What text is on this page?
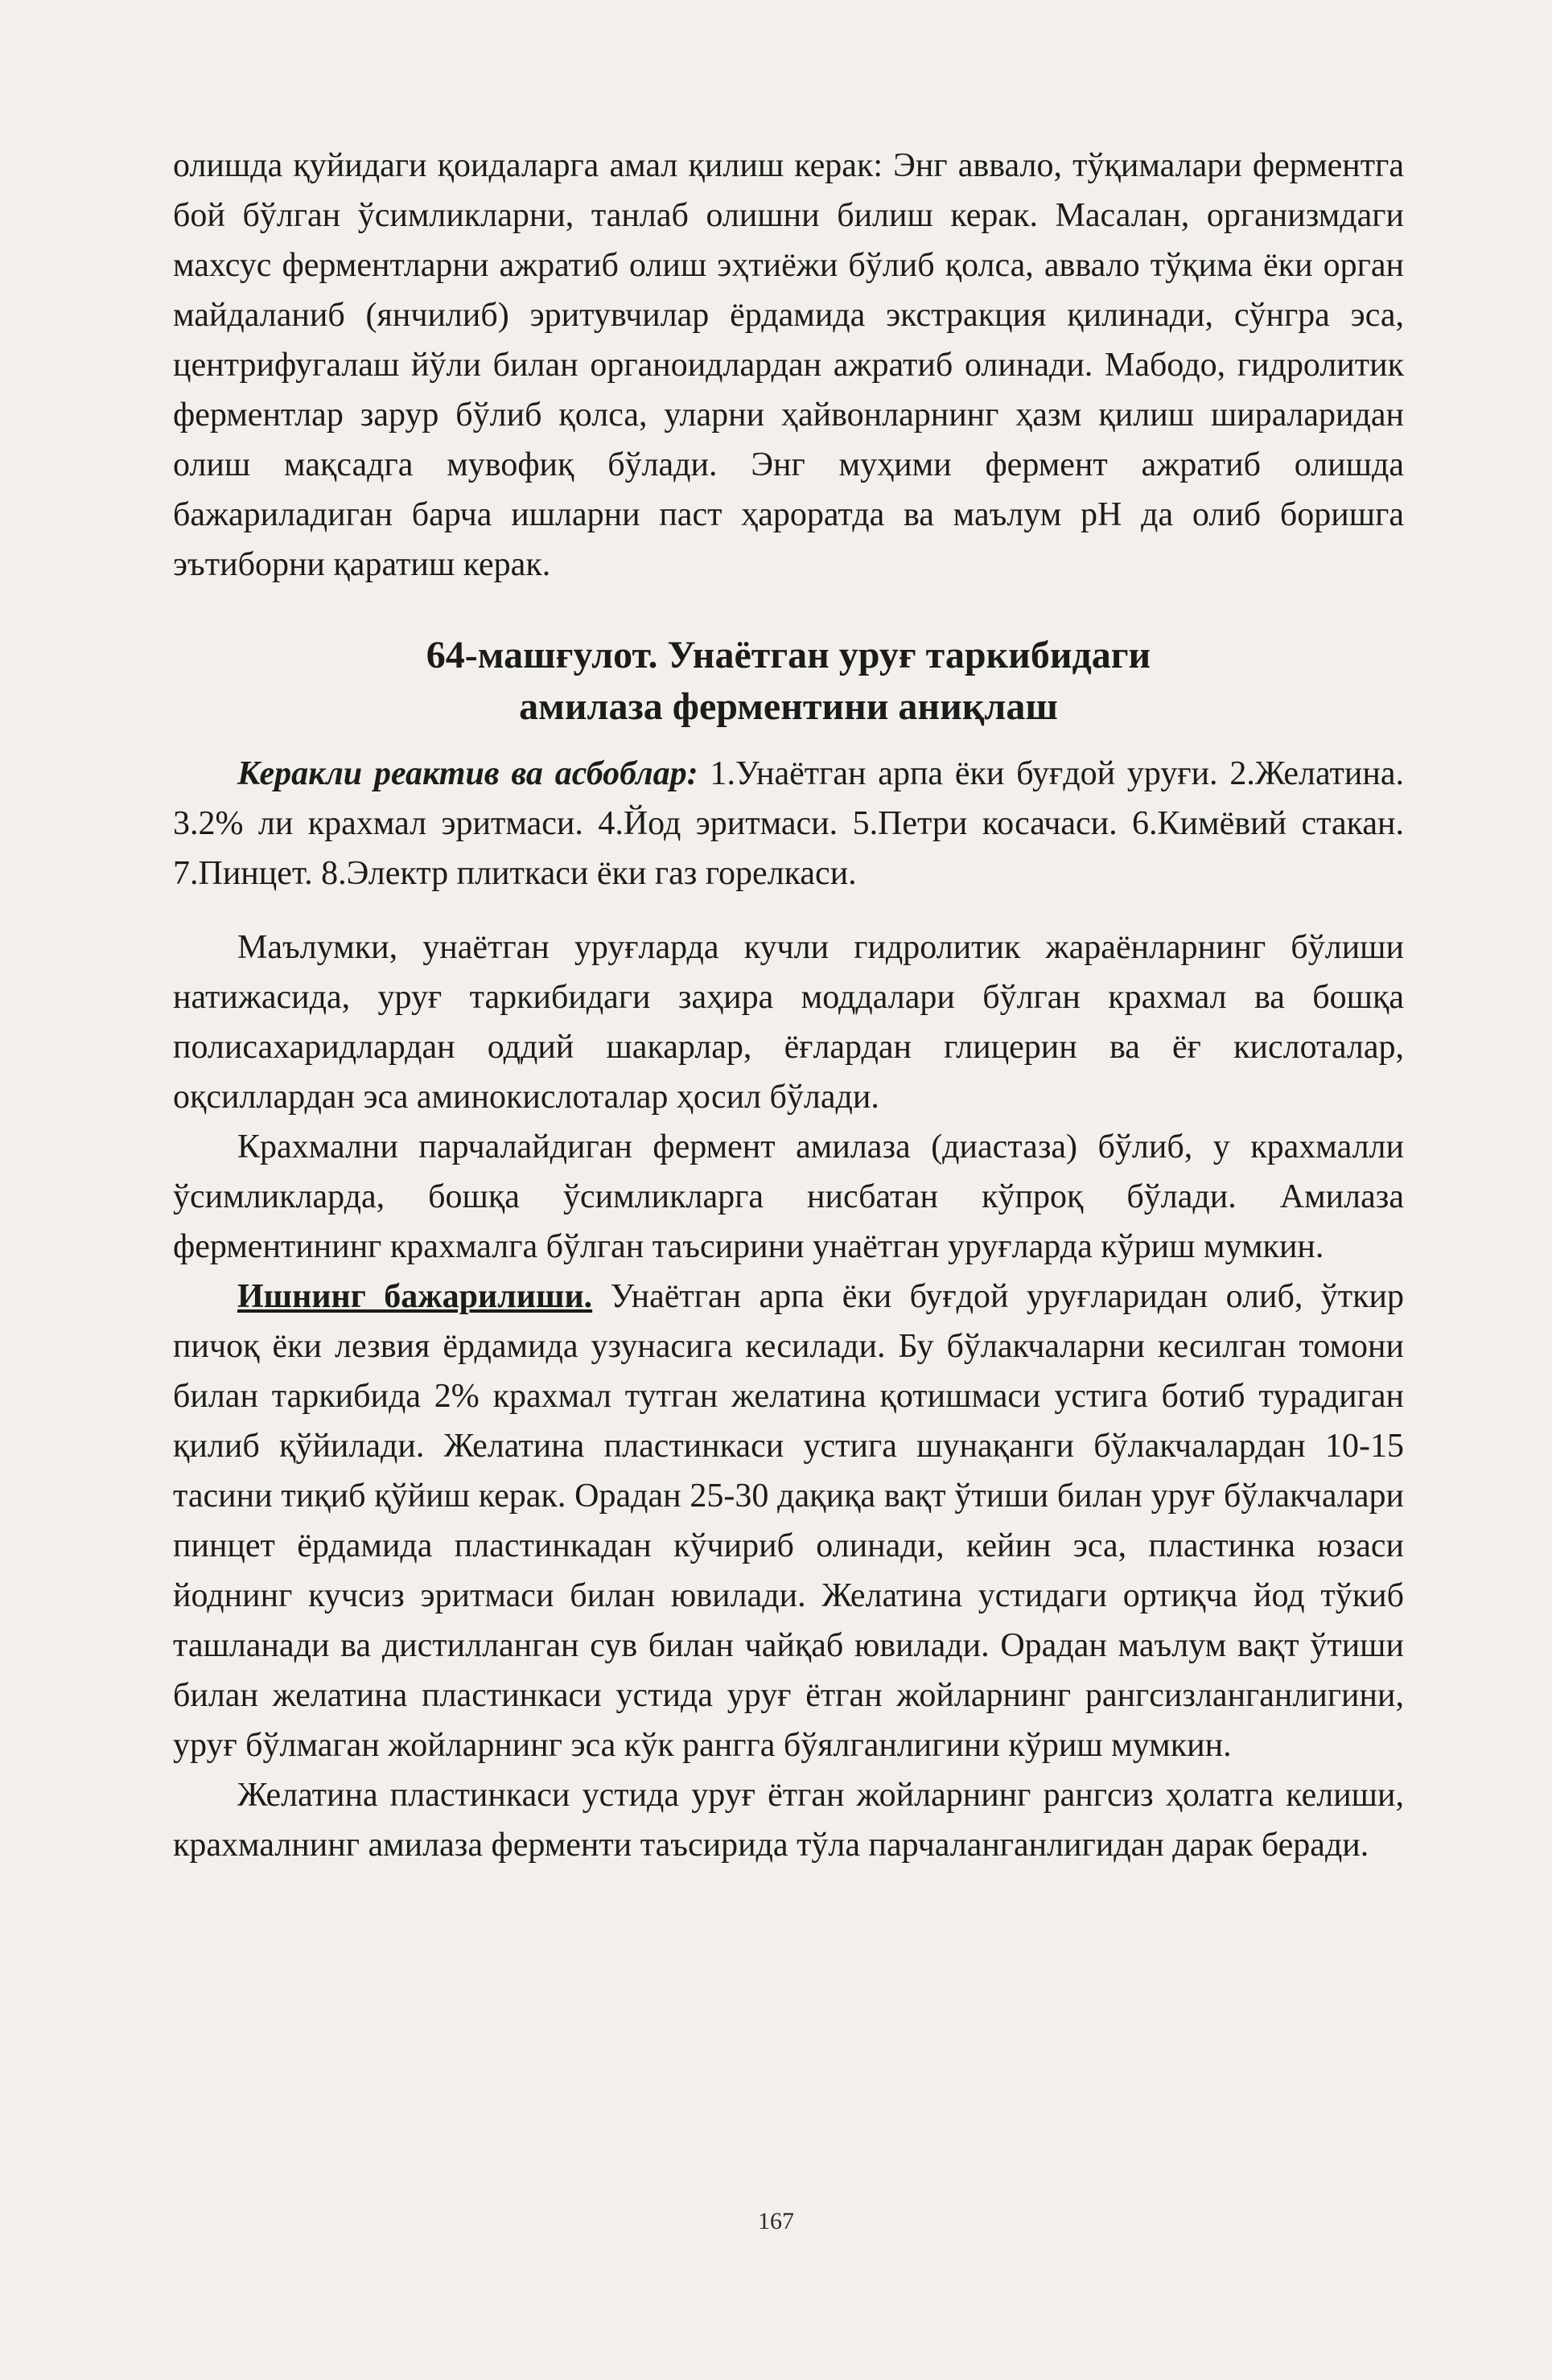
олишда қуйидаги қоидаларга амал қилиш керак: Энг аввало, тўқималари ферментга бой бўлган ўсимликларни, танлаб олишни билиш керак. Масалан, организмдаги махсус ферментларни ажратиб олиш эҳтиёжи бўлиб қолса, аввало тўқима ёки орган майдаланиб (янчилиб) эритувчилар ёрдамида экстракция қилинади, сўнгра эса, центрифугалаш йўли билан органоидлардан ажратиб олинади. Мабодо, гидролитик ферментлар зарур бўлиб қолса, уларни ҳайвонларнинг ҳазм қилиш ширaларидан олиш мақсадга мувофиқ бўлади. Энг муҳими фермент ажратиб олишда бажариладиган барча ишларни паст ҳароратда ва маълум pH да олиб боришга эътиборни қаратиш керак.

64-машғулот. Унаётган уруғ таркибидаги
амилаза ферментини аниқлаш

Керакли реактив ва асбоблар: 1.Унаётган арпа ёки буғдой уруғи. 2.Желатина. 3.2% ли крахмал эритмаси. 4.Йод эритмаси. 5.Петри косачаси. 6.Кимёвий стакан. 7.Пинцет. 8.Электр плиткаси ёки газ горелкаси.

Маълумки, унаётган уруғларда кучли гидролитик жараёнларнинг бўлиши натижасида, уруғ таркибидаги заҳира моддалари бўлган крахмал ва бошқа полисахаридлардан оддий шакарлар, ёғлардан глицерин ва ёғ кислоталар, оқсиллардан эса аминокислоталар ҳосил бўлади.

Крахмални парчалайдиган фермент амилаза (диастаза) бўлиб, у крахмалли ўсимликларда, бошқа ўсимликларга нисбатан кўпроқ бўлади. Амилаза ферментининг крахмалга бўлган таъсирини унаётган уруғларда кўриш мумкин.

Ишнинг бажарилиши. Унаётган арпа ёки буғдой уруғларидан олиб, ўткир пичоқ ёки лезвия ёрдамида узунасига кесилади. Бу бўлакчаларни кесилган томони билан таркибида 2% крахмал тутган желатина қотишмаси устига ботиб турадиган қилиб қўйилади. Желатина пластинкаси устига шунақанги бўлакчалардан 10-15 тасини тиқиб қўйиш керак. Орадан 25-30 дақиқа вақт ўтиши билан уруғ бўлакчалари пинцет ёрдамида пластинкадан кўчириб олинади, кейин эса, пластинка юзаси йоднинг кучсиз эритмаси билан ювилади. Желатина устидаги ортиқча йод тўкиб ташланади ва дистилланган сув билан чайқаб ювилади. Орадан маълум вақт ўтиши билан желатина пластинкаси устида уруғ ётган жойларнинг рангсизланганлигини, уруғ бўлмаган жойларнинг эса кўк рангга бўялганлигини кўриш мумкин.

Желатина пластинкаси устида уруғ ётган жойларнинг рангсиз ҳолатга келиши, крахмалнинг амилаза ферменти таъсирида тўла парчаланганлигидан дарак беради.

167
